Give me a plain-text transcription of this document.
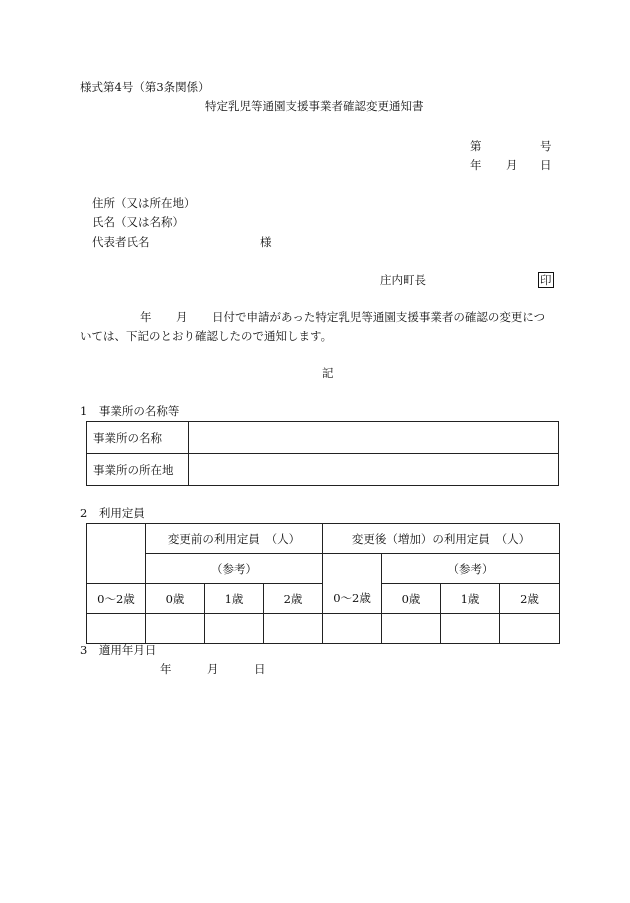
様式第4号（第3条関係）
特定乳児等通園支援事業者確認変更通知書
第	号
年 月 日
住所（又は所在地）
氏名（又は名称）
代表者氏名	様
庄内町長	印
年 月 日付で申請があった特定乳児等通園支援事業者の確認の変更につ
いては、下記のとおり確認したので通知します。
記
1　事業所の名称等
事業所の名称	
事業所の所在地	
2　利用定員
	変更前の利用定員　（人）			変更後（増加）の利用定員　（人）			
	（参考）				（参考）		
0〜2歳	0歳	1歳	2歳	0〜2歳	0歳	1歳	2歳

3　適用年月日
年	月	日
